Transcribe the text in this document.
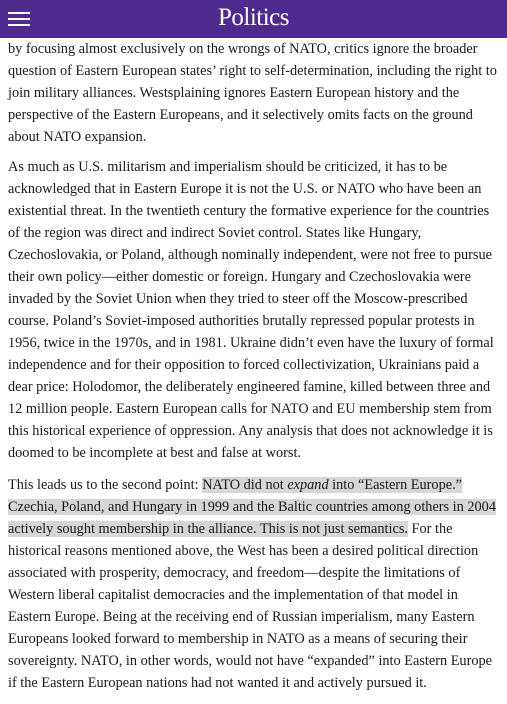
Politics

by focusing almost exclusively on the wrongs of NATO, critics ignore the broader question of Eastern European states’ right to self-determination, including the right to join military alliances. Westsplaining ignores Eastern European history and the perspective of the Eastern Europeans, and it selectively omits facts on the ground about NATO expansion.

As much as U.S. militarism and imperialism should be criticized, it has to be acknowledged that in Eastern Europe it is not the U.S. or NATO who have been an existential threat. In the twentieth century the formative experience for the countries of the region was direct and indirect Soviet control. States like Hungary, Czechoslovakia, or Poland, although nominally independent, were not free to pursue their own policy—either domestic or foreign. Hungary and Czechoslovakia were invaded by the Soviet Union when they tried to steer off the Moscow-prescribed course. Poland’s Soviet-imposed authorities brutally repressed popular protests in 1956, twice in the 1970s, and in 1981. Ukraine didn’t even have the luxury of formal independence and for their opposition to forced collectivization, Ukrainians paid a dear price: Holodomor, the deliberately engineered famine, killed between three and 12 million people. Eastern European calls for NATO and EU membership stem from this historical experience of oppression. Any analysis that does not acknowledge it is doomed to be incomplete at best and false at worst.

This leads us to the second point: NATO did not expand into “Eastern Europe.” Czechia, Poland, and Hungary in 1999 and the Baltic countries among others in 2004 actively sought membership in the alliance. This is not just semantics. For the historical reasons mentioned above, the West has been a desired political direction associated with prosperity, democracy, and freedom—despite the limitations of Western liberal capitalist democracies and the implementation of that model in Eastern Europe. Being at the receiving end of Russian imperialism, many Eastern Europeans looked forward to membership in NATO as a means of securing their sovereignty. NATO, in other words, would not have “expanded” into Eastern Europe if the Eastern European nations had not wanted it and actively pursued it.
